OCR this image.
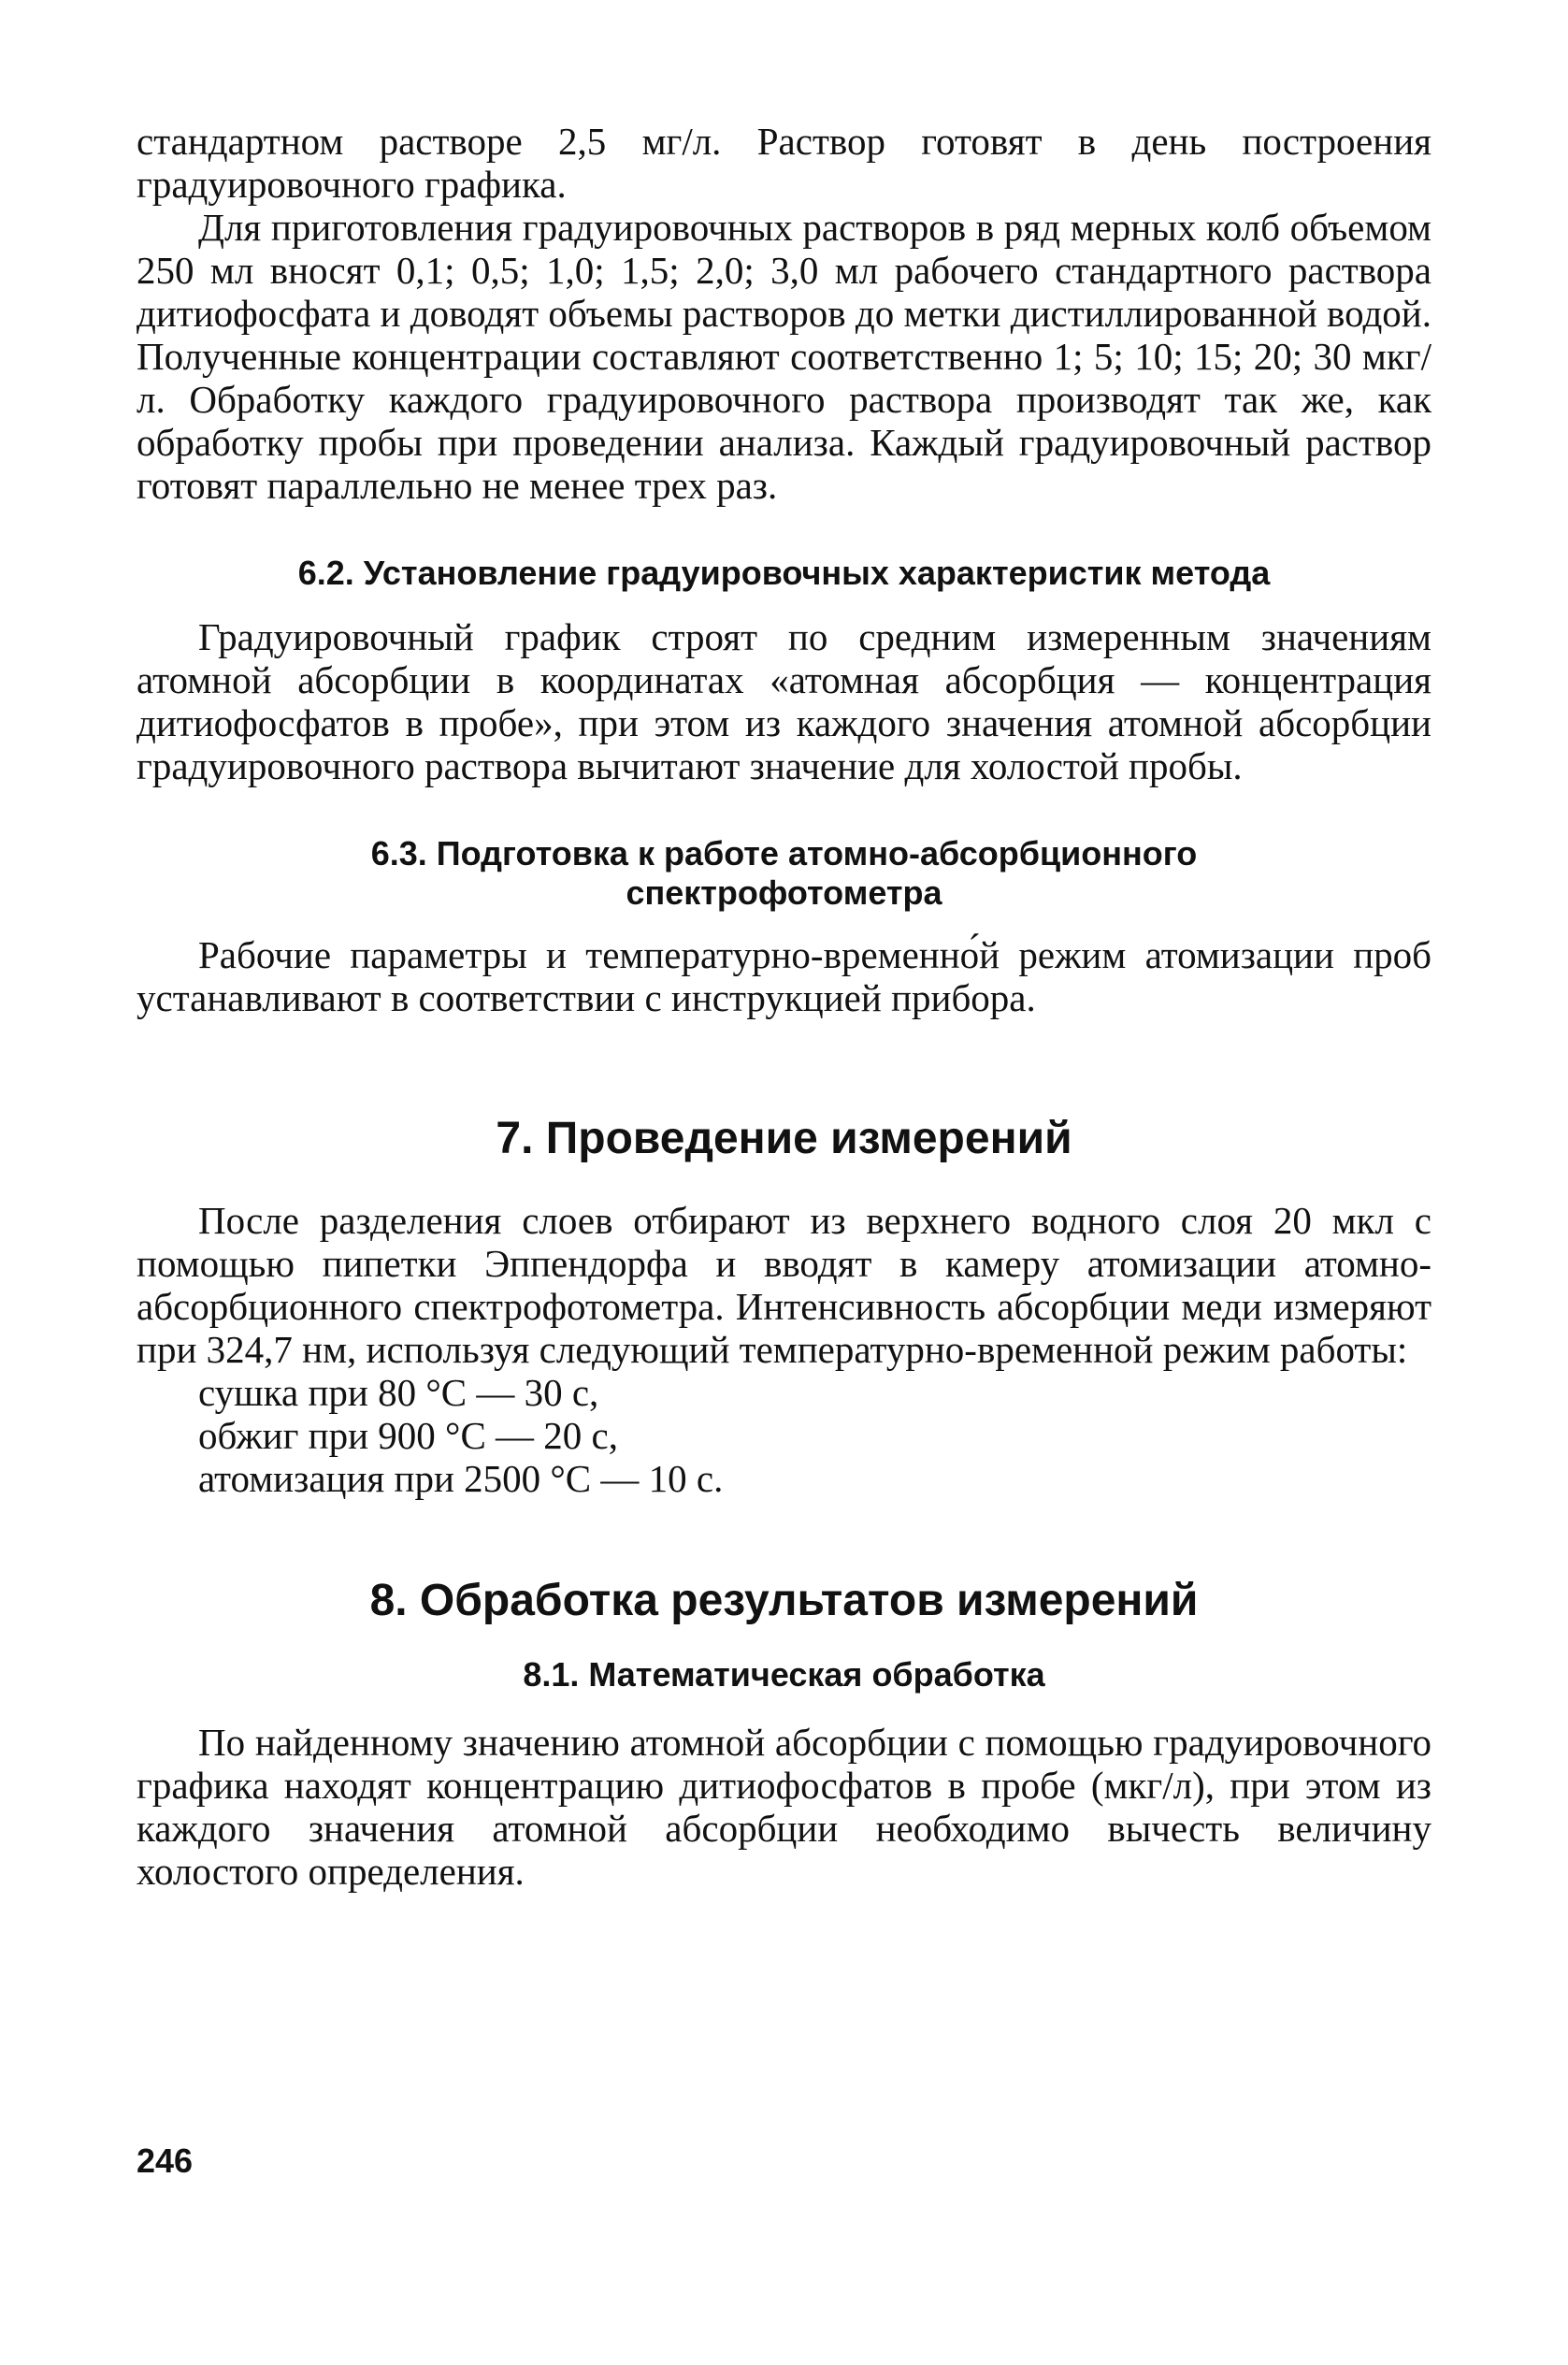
стандартном растворе 2,5 мг/л. Раствор готовят в день построения градуировочного графика.

Для приготовления градуировочных растворов в ряд мерных колб объемом 250 мл вносят 0,1; 0,5; 1,0; 1,5; 2,0; 3,0 мл рабочего стандартного раствора дитиофосфата и доводят объемы растворов до метки дистиллированной водой. Полученные концентрации составляют соответственно 1; 5; 10; 15; 20; 30 мкг/л. Обработку каждого градуировочного раствора производят так же, как обработку пробы при проведении анализа. Каждый градуировочный раствор готовят параллельно не менее трех раз.

6.2. Установление градуировочных характеристик метода

Градуировочный график строят по средним измеренным значениям атомной абсорбции в координатах «атомная абсорбция — концентрация дитиофосфатов в пробе», при этом из каждого значения атомной абсорбции градуировочного раствора вычитают значение для холостой пробы.

6.3. Подготовка к работе атомно-абсорбционного
спектрофотометра

Рабочие параметры и температурно-временно́й режим атомизации проб устанавливают в соответствии с инструкцией прибора.

7. Проведение измерений

После разделения слоев отбирают из верхнего водного слоя 20 мкл с помощью пипетки Эппендорфа и вводят в камеру атомизации атомно-абсорбционного спектрофотометра. Интенсивность абсорбции меди измеряют при 324,7 нм, используя следующий температурно-временной режим работы:

сушка при 80 °С — 30 с,
обжиг при 900 °С — 20 с,
атомизация при 2500 °С — 10 с.
8. Обработка результатов измерений
8.1. Математическая обработка

По найденному значению атомной абсорбции с помощью градуировочного графика находят концентрацию дитиофосфатов в пробе (мкг/л), при этом из каждого значения атомной абсорбции необходимо вычесть величину холостого определения.

246
